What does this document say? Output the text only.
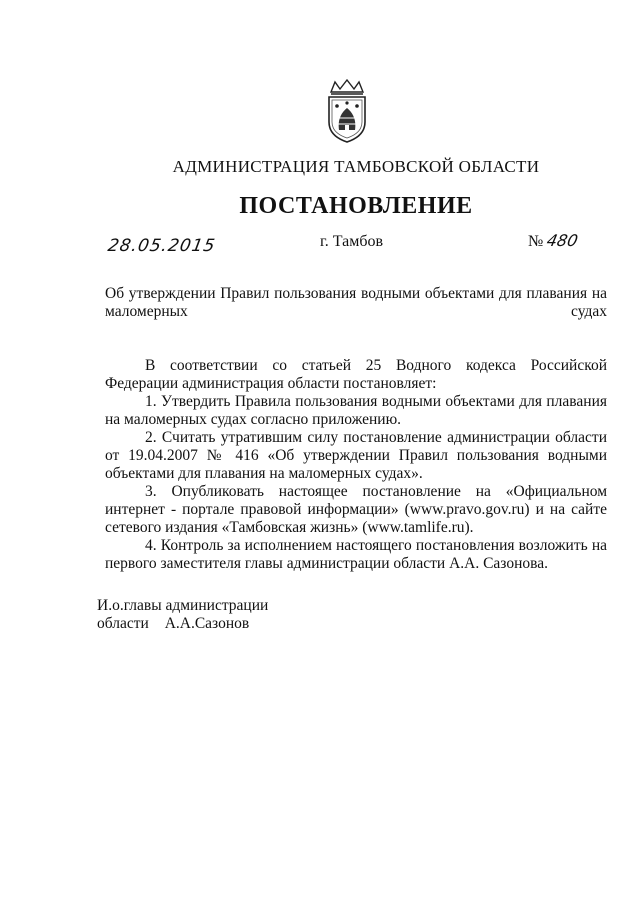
АДМИНИСТРАЦИЯ ТАМБОВСКОЙ ОБЛАСТИ
ПОСТАНОВЛЕНИЕ
28.05.2015	г. Тамбов	№ 480

Об утверждении Правил пользования водными объектами для плавания на маломерных судах

В соответствии со статьей 25 Водного кодекса Российской Федерации администрация области постановляет:

1. Утвердить Правила пользования водными объектами для плавания на маломерных судах согласно приложению.

2. Считать утратившим силу постановление администрации области от 19.04.2007 № 416 «Об утверждении Правил пользования водными объектами для плавания на маломерных судах».

3. Опубликовать настоящее постановление на «Официальном интернет - портале правовой информации» (www.pravo.gov.ru) и на сайте сетевого издания «Тамбовская жизнь» (www.tamlife.ru).

4. Контроль за исполнением настоящего постановления возложить на первого заместителя главы администрации области А.А. Сазонова.

И.о.главы администрации
области А.А.Сазонов
